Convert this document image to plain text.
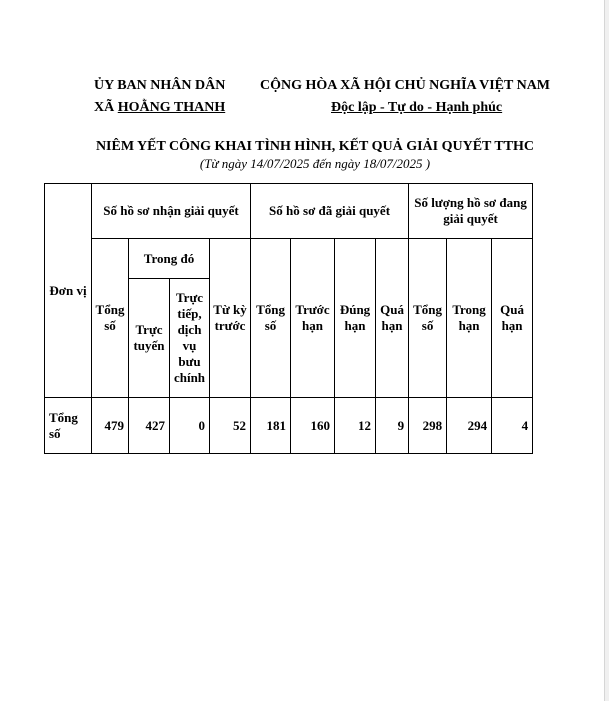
ỦY BAN NHÂN DÂN
XÃ HOẰNG THANH
CỘNG HÒA XÃ HỘI CHỦ NGHĨA VIỆT NAM
Độc lập - Tự do - Hạnh phúc
NIÊM YẾT CÔNG KHAI TÌNH HÌNH, KẾT QUẢ GIẢI QUYẾT TTHC
(Từ ngày 14/07/2025 đến ngày 18/07/2025 )
Đơn vị	Số hồ sơ nhận giải quyết				Số hồ sơ đã giải quyết				Số lượng hồ sơ đang giải quyết		
	Tổng số	Trong đó		Từ kỳ trước	Tổng số	Trước hạn	Đúng hạn	Quá hạn	Tổng số	Trong hạn	Quá hạn
		Trực tuyến	Trực tiếp, dịch vụ bưu chính								
Tổng số	479	427	0	52	181	160	12	9	298	294	4
